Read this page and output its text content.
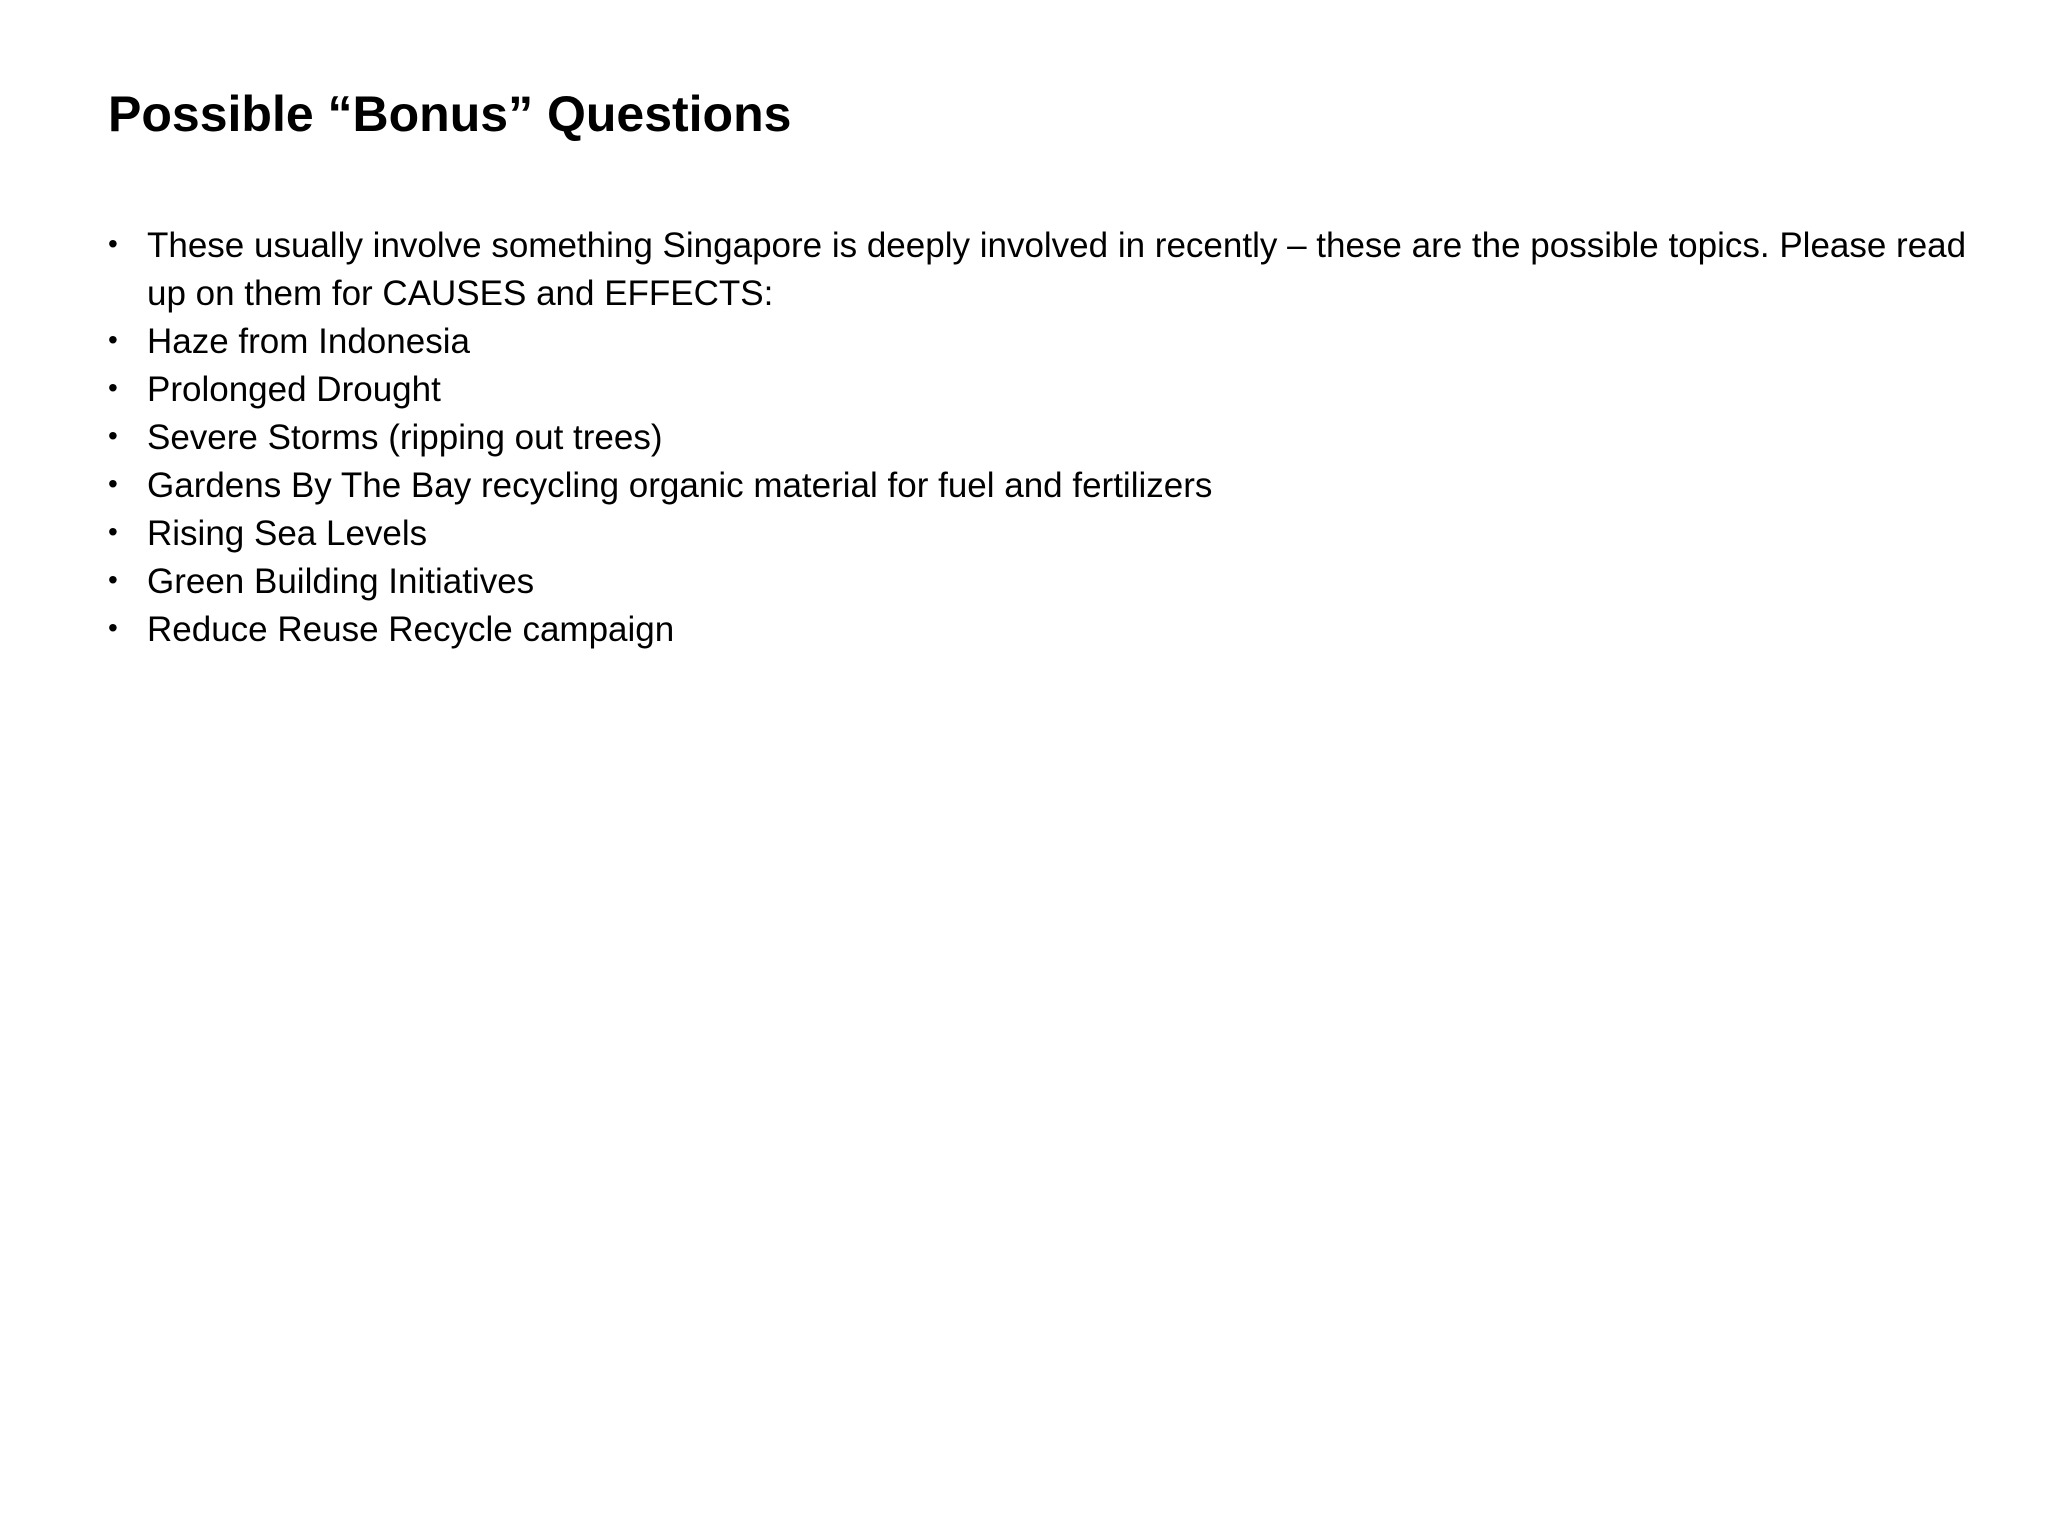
Possible “Bonus” Questions
• These usually involve something Singapore is deeply involved in recently – these are the possible topics. Please read up on them for CAUSES and EFFECTS:
• Haze from Indonesia
• Prolonged Drought
• Severe Storms (ripping out trees)
• Gardens By The Bay recycling organic material for fuel and fertilizers
• Rising Sea Levels
• Green Building Initiatives
• Reduce Reuse Recycle campaign
